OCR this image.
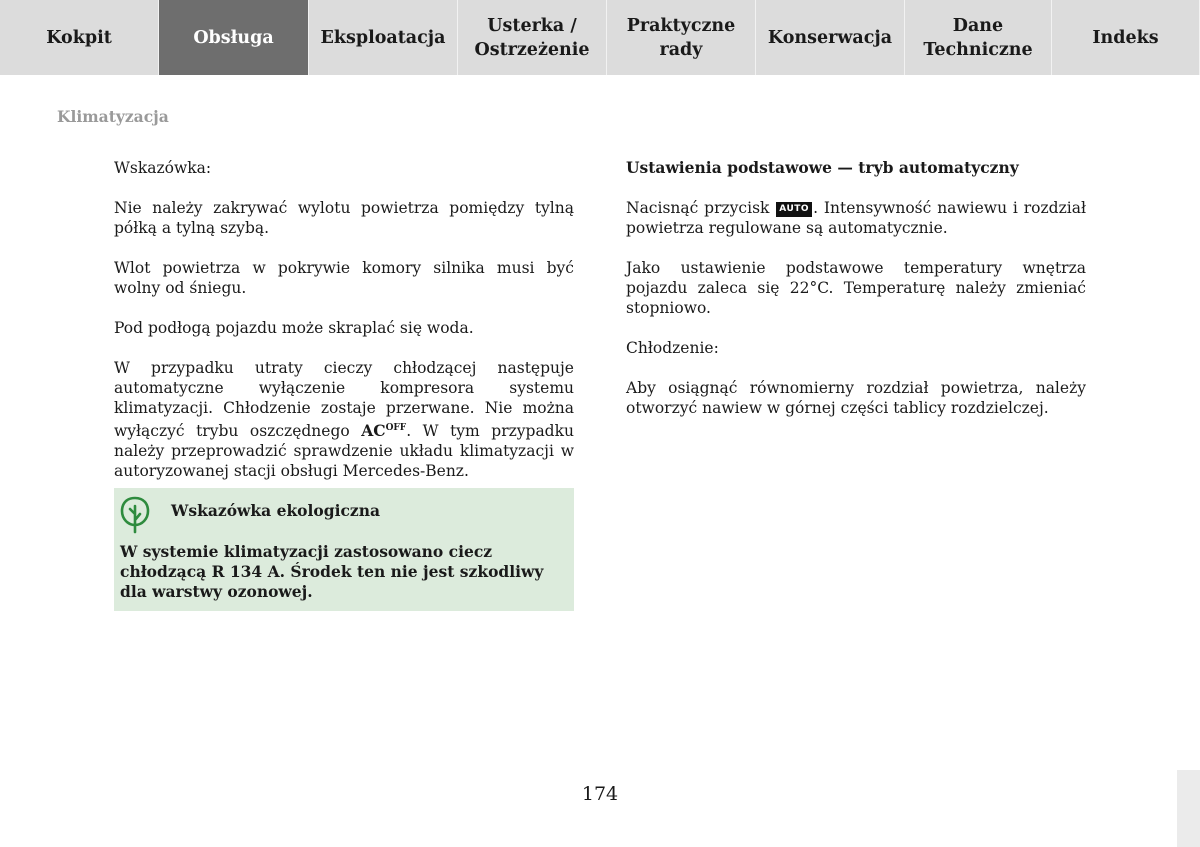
Kokpit	Obsługa	Eksploatacja
Usterka /
Ostrzeżenie
Praktyczne
rady
Konserwacja
Dane
Techniczne
Indeks
Klimatyzacja

Wskazówka:

Nie należy zakrywać wylotu powietrza pomiędzy tylną półką a tylną szybą.

Wlot powietrza w pokrywie komory silnika musi być wolny od śniegu.

Pod podłogą pojazdu może skraplać się woda.

W przypadku utraty cieczy chłodzącej następuje automatyczne wyłączenie kompresora systemu klimatyzacji. Chłodzenie zostaje przerwane. Nie można wyłączyć trybu oszczędnego $AC^{OFF}$. W tym przypadku należy przeprowadzić sprawdzenie układu klimatyzacji w autoryzowanej stacji obsługi Mercedes-Benz.

Wskazówka ekologiczna
W systemie klimatyzacji zastosowano ciecz chłodzącą R 134 A. Środek ten nie jest szkodliwy dla warstwy ozonowej.

Ustawienia podstawowe — tryb automatyczny

Nacisnąć przycisk AUTO . Intensywność nawiewu i rozdział powietrza regulowane są automatycznie.

Jako ustawienie podstawowe temperatury wnętrza pojazdu zaleca się 22°C. Temperaturę należy zmieniać stopniowo.

Chłodzenie:

Aby osiągnąć równomierny rozdział powietrza, należy otworzyć nawiew w górnej części tablicy rozdzielczej.

174
